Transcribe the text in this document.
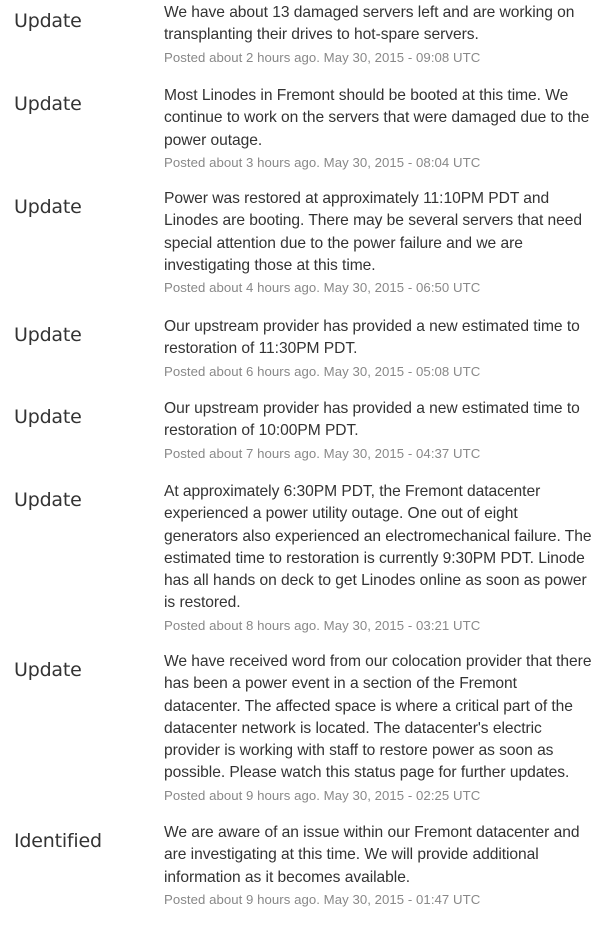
Update	We have about 13 damaged servers left and are working on transplanting their drives to hot-spare servers.

Posted about 2 hours ago. May 30, 2015 - 09:08 UTC
Update	Most Linodes in Fremont should be booted at this time. We continue to work on the servers that were damaged due to the power outage.

Posted about 3 hours ago. May 30, 2015 - 08:04 UTC
Update	Power was restored at approximately 11:10PM PDT and Linodes are booting. There may be several servers that need special attention due to the power failure and we are investigating those at this time.

Posted about 4 hours ago. May 30, 2015 - 06:50 UTC
Update	Our upstream provider has provided a new estimated time to restoration of 11:30PM PDT.

Posted about 6 hours ago. May 30, 2015 - 05:08 UTC
Update	Our upstream provider has provided a new estimated time to restoration of 10:00PM PDT.

Posted about 7 hours ago. May 30, 2015 - 04:37 UTC
Update	At approximately 6:30PM PDT, the Fremont datacenter experienced a power utility outage. One out of eight generators also experienced an electromechanical failure. The estimated time to restoration is currently 9:30PM PDT. Linode has all hands on deck to get Linodes online as soon as power is restored.

Posted about 8 hours ago. May 30, 2015 - 03:21 UTC
Update	We have received word from our colocation provider that there has been a power event in a section of the Fremont datacenter. The affected space is where a critical part of the datacenter network is located. The datacenter's electric provider is working with staff to restore power as soon as possible. Please watch this status page for further updates.

Posted about 9 hours ago. May 30, 2015 - 02:25 UTC
Identified	We are aware of an issue within our Fremont datacenter and are investigating at this time. We will provide additional information as it becomes available.

Posted about 9 hours ago. May 30, 2015 - 01:47 UTC
